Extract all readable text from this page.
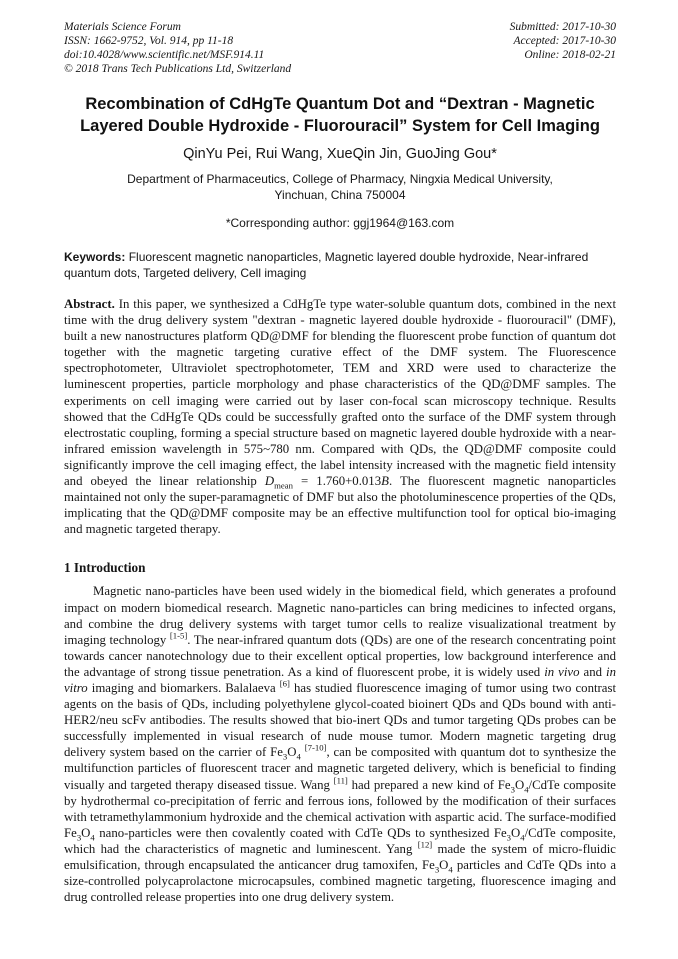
Materials Science Forum
ISSN: 1662-9752, Vol. 914, pp 11-18
doi:10.4028/www.scientific.net/MSF.914.11
© 2018 Trans Tech Publications Ltd, Switzerland
Submitted: 2017-10-30
Accepted: 2017-10-30
Online: 2018-02-21
Recombination of CdHgTe Quantum Dot and “Dextran - Magnetic
Layered Double Hydroxide - Fluorouracil” System for Cell Imaging
QinYu Pei, Rui Wang, XueQin Jin, GuoJing Gou*
Department of Pharmaceutics, College of Pharmacy, Ningxia Medical University,
Yinchuan, China 750004
*Corresponding author: ggj1964@163.com

Keywords: Fluorescent magnetic nanoparticles, Magnetic layered double hydroxide, Near-infrared quantum dots, Targeted delivery, Cell imaging

Abstract. In this paper, we synthesized a CdHgTe type water-soluble quantum dots, combined in the next time with the drug delivery system "dextran - magnetic layered double hydroxide - fluorouracil" (DMF), built a new nanostructures platform QD@DMF for blending the fluorescent probe function of quantum dot together with the magnetic targeting curative effect of the DMF system. The Fluorescence spectrophotometer, Ultraviolet spectrophotometer, TEM and XRD were used to characterize the luminescent properties, particle morphology and phase characteristics of the QD@DMF samples. The experiments on cell imaging were carried out by laser con-focal scan microscopy technique. Results showed that the CdHgTe QDs could be successfully grafted onto the surface of the DMF system through electrostatic coupling, forming a special structure based on magnetic layered double hydroxide with a near-infrared emission wavelength in 575~780 nm. Compared with QDs, the QD@DMF composite could significantly improve the cell imaging effect, the label intensity increased with the magnetic field intensity and obeyed the linear relationship $D_{mean} = 1.760+0.013B$. The fluorescent magnetic nanoparticles maintained not only the super-paramagnetic of DMF but also the photoluminescence properties of the QDs, implicating that the QD@DMF composite may be an effective multifunction tool for optical bio-imaging and magnetic targeted therapy.

1 Introduction

Magnetic nano-particles have been used widely in the biomedical field, which generates a profound impact on modern biomedical research. Magnetic nano-particles can bring medicines to infected organs, and combine the drug delivery systems with target tumor cells to realize visualizational treatment by imaging technology [1-5]. The near-infrared quantum dots (QDs) are one of the research concentrating point towards cancer nanotechnology due to their excellent optical properties, low background interference and the advantage of strong tissue penetration. As a kind of fluorescent probe, it is widely used in vivo and in vitro imaging and biomarkers. Balalaeva [6] has studied fluorescence imaging of tumor using two contrast agents on the basis of QDs, including polyethylene glycol-coated bioinert QDs and QDs bound with anti-HER2/neu scFv antibodies. The results showed that bio-inert QDs and tumor targeting QDs probes can be successfully implemented in visual research of nude mouse tumor. Modern magnetic targeting drug delivery system based on the carrier of $Fe_3O_4$ [7-10], can be composited with quantum dot to synthesize the multifunction particles of fluorescent tracer and magnetic targeted delivery, which is beneficial to finding visually and targeted therapy diseased tissue. Wang [11] had prepared a new kind of $Fe_3O_4$/CdTe composite by hydrothermal co-precipitation of ferric and ferrous ions, followed by the modification of their surfaces with tetramethylammonium hydroxide and the chemical activation with aspartic acid. The surface-modified $Fe_3O_4$ nano-particles were then covalently coated with CdTe QDs to synthesized $Fe_3O_4$/CdTe composite, which had the characteristics of magnetic and luminescent. Yang [12] made the system of micro-fluidic emulsification, through encapsulated the anticancer drug tamoxifen, $Fe_3O_4$ particles and CdTe QDs into a size-controlled polycaprolactone microcapsules, combined magnetic targeting, fluorescence imaging and drug controlled release properties into one drug delivery system.
